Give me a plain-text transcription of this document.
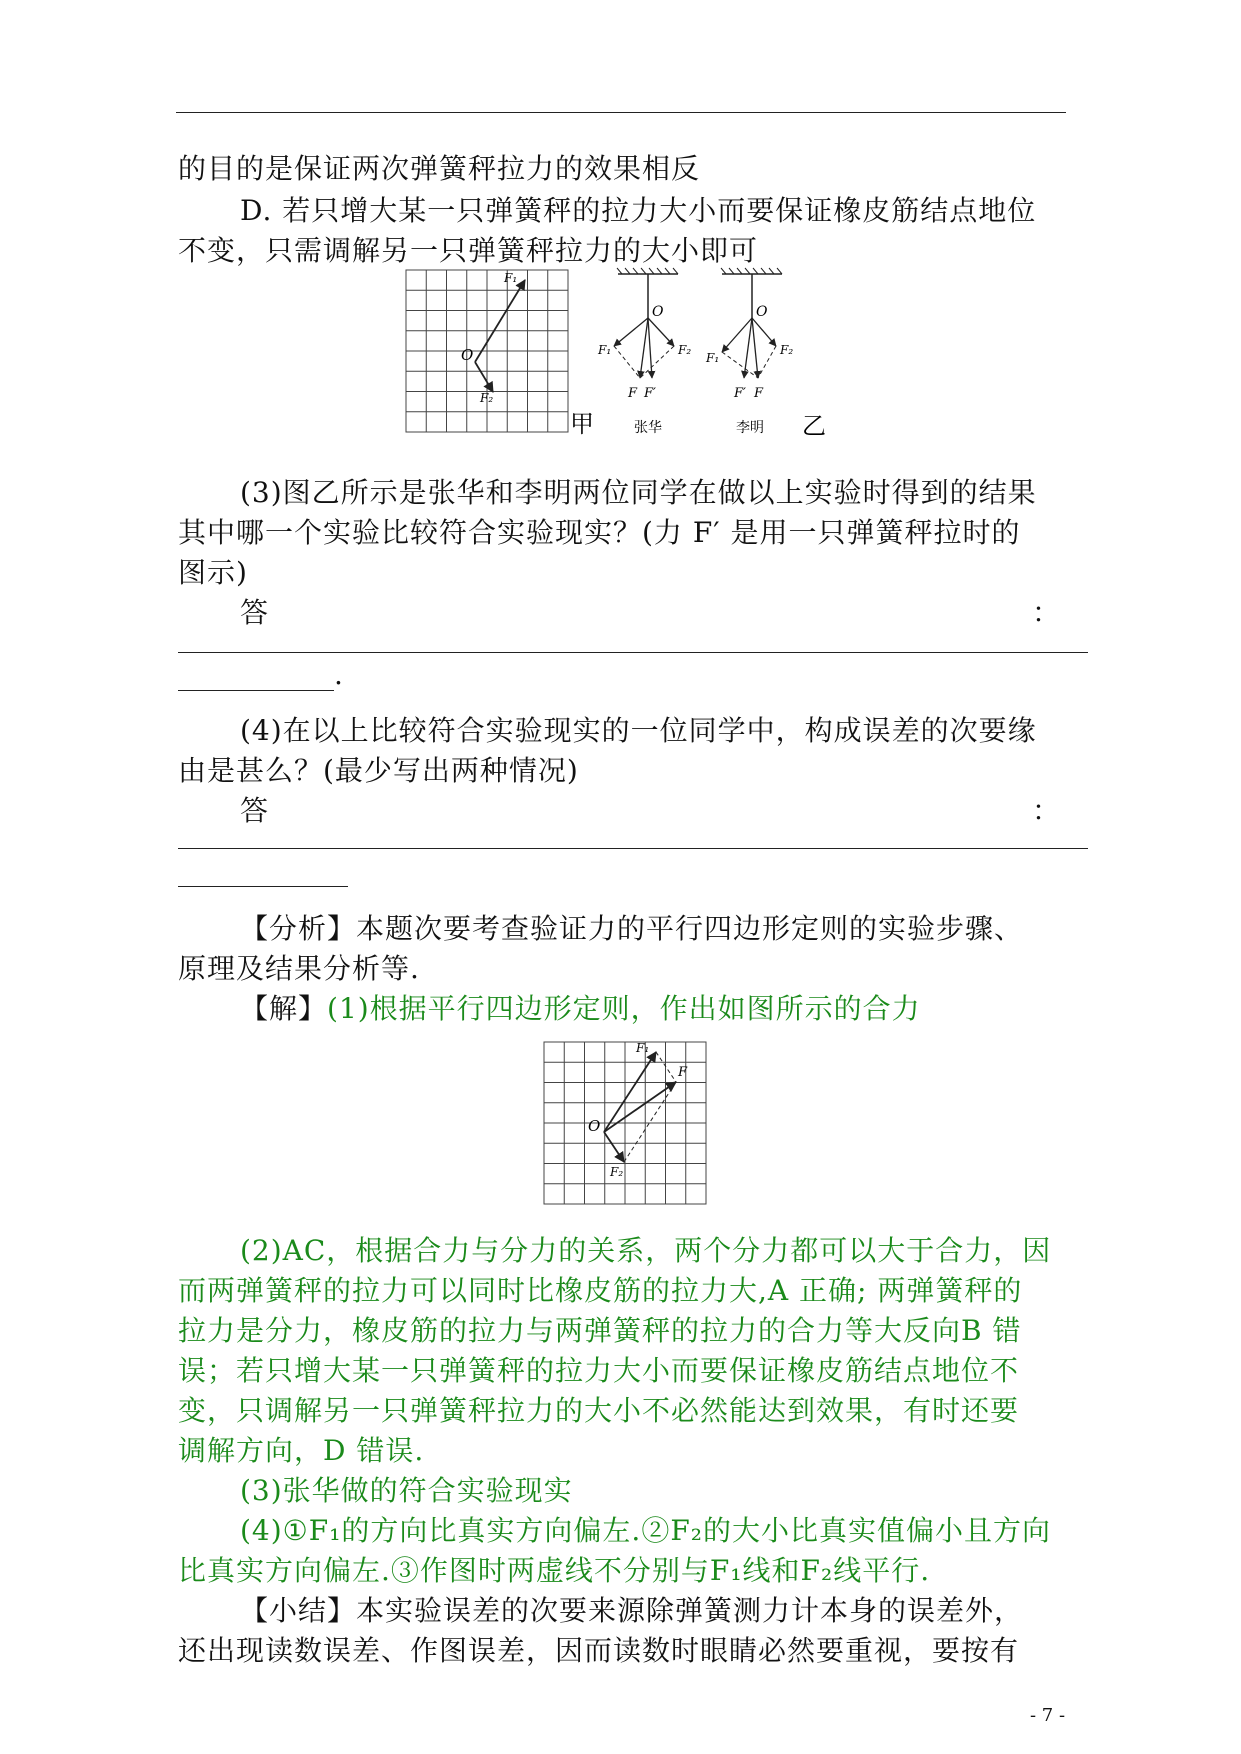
的目的是保证两次弹簧秤拉力的效果相反
D. 若只增大某一只弹簧秤的拉力大小而要保证橡皮筋结点地位
不变，只需调解另一只弹簧秤拉力的大小即可
O
F₁
F₂
甲
O
F₁	F₂
F F′
张华
O
F₁
F₂
F′ F
李明 乙
(3)图乙所示是张华和李明两位同学在做以上实验时得到的结果
其中哪一个实验比较符合实验现实？(力 F′ 是用一只弹簧秤拉时的
图示)
答	：
.
(4)在以上比较符合实验现实的一位同学中，构成误差的次要缘
由是甚么？(最少写出两种情况)
答	：
【分析】本题次要考查验证力的平行四边形定则的实验步骤、
原理及结果分析等.
【解】(1)根据平行四边形定则，作出如图所示的合力
O
F₁
F₂
F
(2)AC，根据合力与分力的关系，两个分力都可以大于合力，因
而两弹簧秤的拉力可以同时比橡皮筋的拉力大,A 正确; 两弹簧秤的
拉力是分力，橡皮筋的拉力与两弹簧秤的拉力的合力等大反向B 错
误；若只增大某一只弹簧秤的拉力大小而要保证橡皮筋结点地位不
变，只调解另一只弹簧秤拉力的大小不必然能达到效果，有时还要
调解方向，D 错误.
(3)张华做的符合实验现实
(4)①F₁的方向比真实方向偏左.②F₂的大小比真实值偏小且方向
比真实方向偏左.③作图时两虚线不分别与F₁线和F₂线平行.
【小结】本实验误差的次要来源除弹簧测力计本身的误差外，
还出现读数误差、作图误差，因而读数时眼睛必然要重视，要按有
- 7 -
